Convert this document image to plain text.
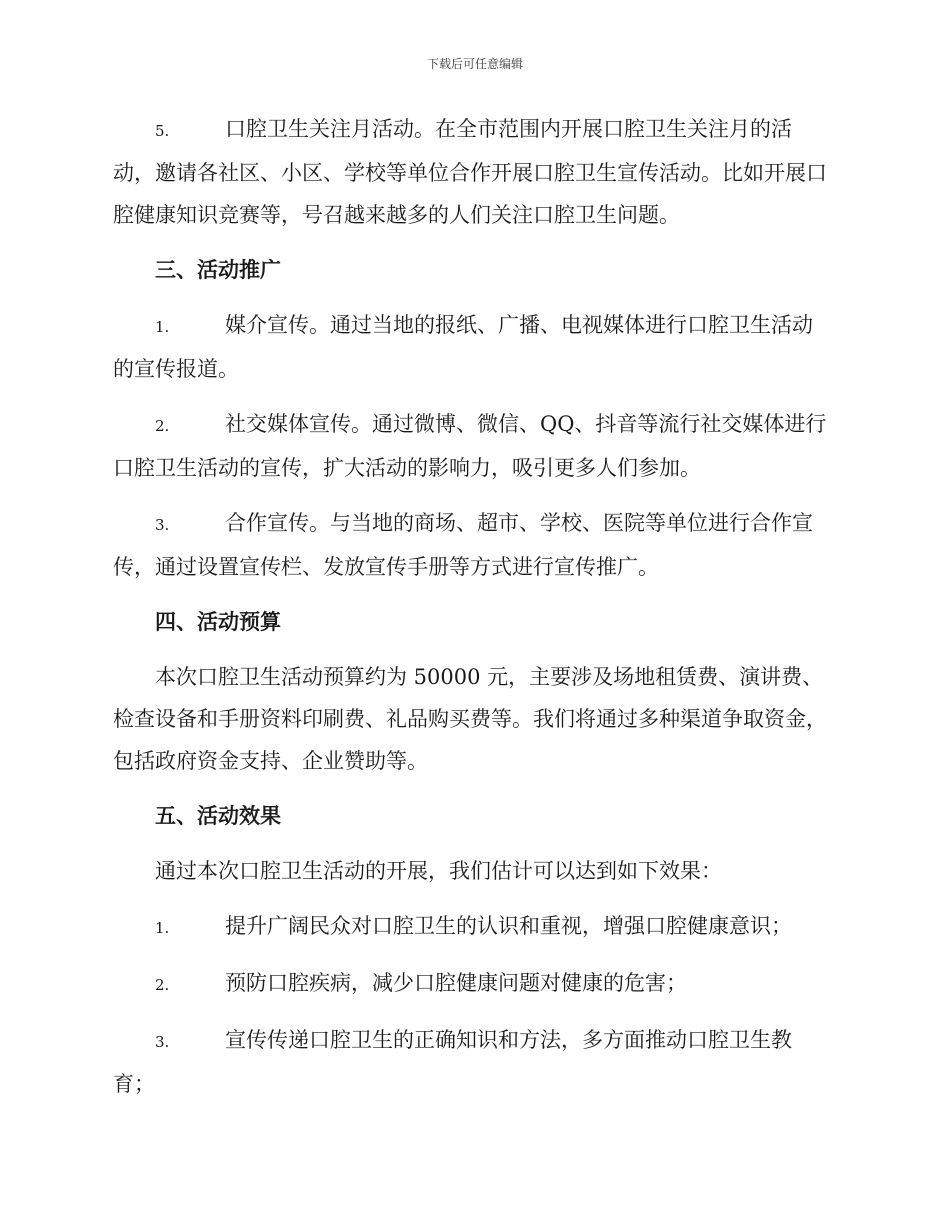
下载后可任意编辑

5.	口腔卫生关注月活动。在全市范围内开展口腔卫生关注月的活动，邀请各社区、小区、学校等单位合作开展口腔卫生宣传活动。比如开展口腔健康知识竞赛等，号召越来越多的人们关注口腔卫生问题。

三、活动推广

1.	媒介宣传。通过当地的报纸、广播、电视媒体进行口腔卫生活动的宣传报道。

2.	社交媒体宣传。通过微博、微信、QQ、抖音等流行社交媒体进行口腔卫生活动的宣传，扩大活动的影响力，吸引更多人们参加。

3.	合作宣传。与当地的商场、超市、学校、医院等单位进行合作宣传，通过设置宣传栏、发放宣传手册等方式进行宣传推广。

四、活动预算

本次口腔卫生活动预算约为 50000 元，主要涉及场地租赁费、演讲费、检查设备和手册资料印刷费、礼品购买费等。我们将通过多种渠道争取资金，包括政府资金支持、企业赞助等。

五、活动效果

通过本次口腔卫生活动的开展，我们估计可以达到如下效果：

1.	提升广阔民众对口腔卫生的认识和重视，增强口腔健康意识；

2.	预防口腔疾病，减少口腔健康问题对健康的危害；

3.	宣传传递口腔卫生的正确知识和方法，多方面推动口腔卫生教育；
